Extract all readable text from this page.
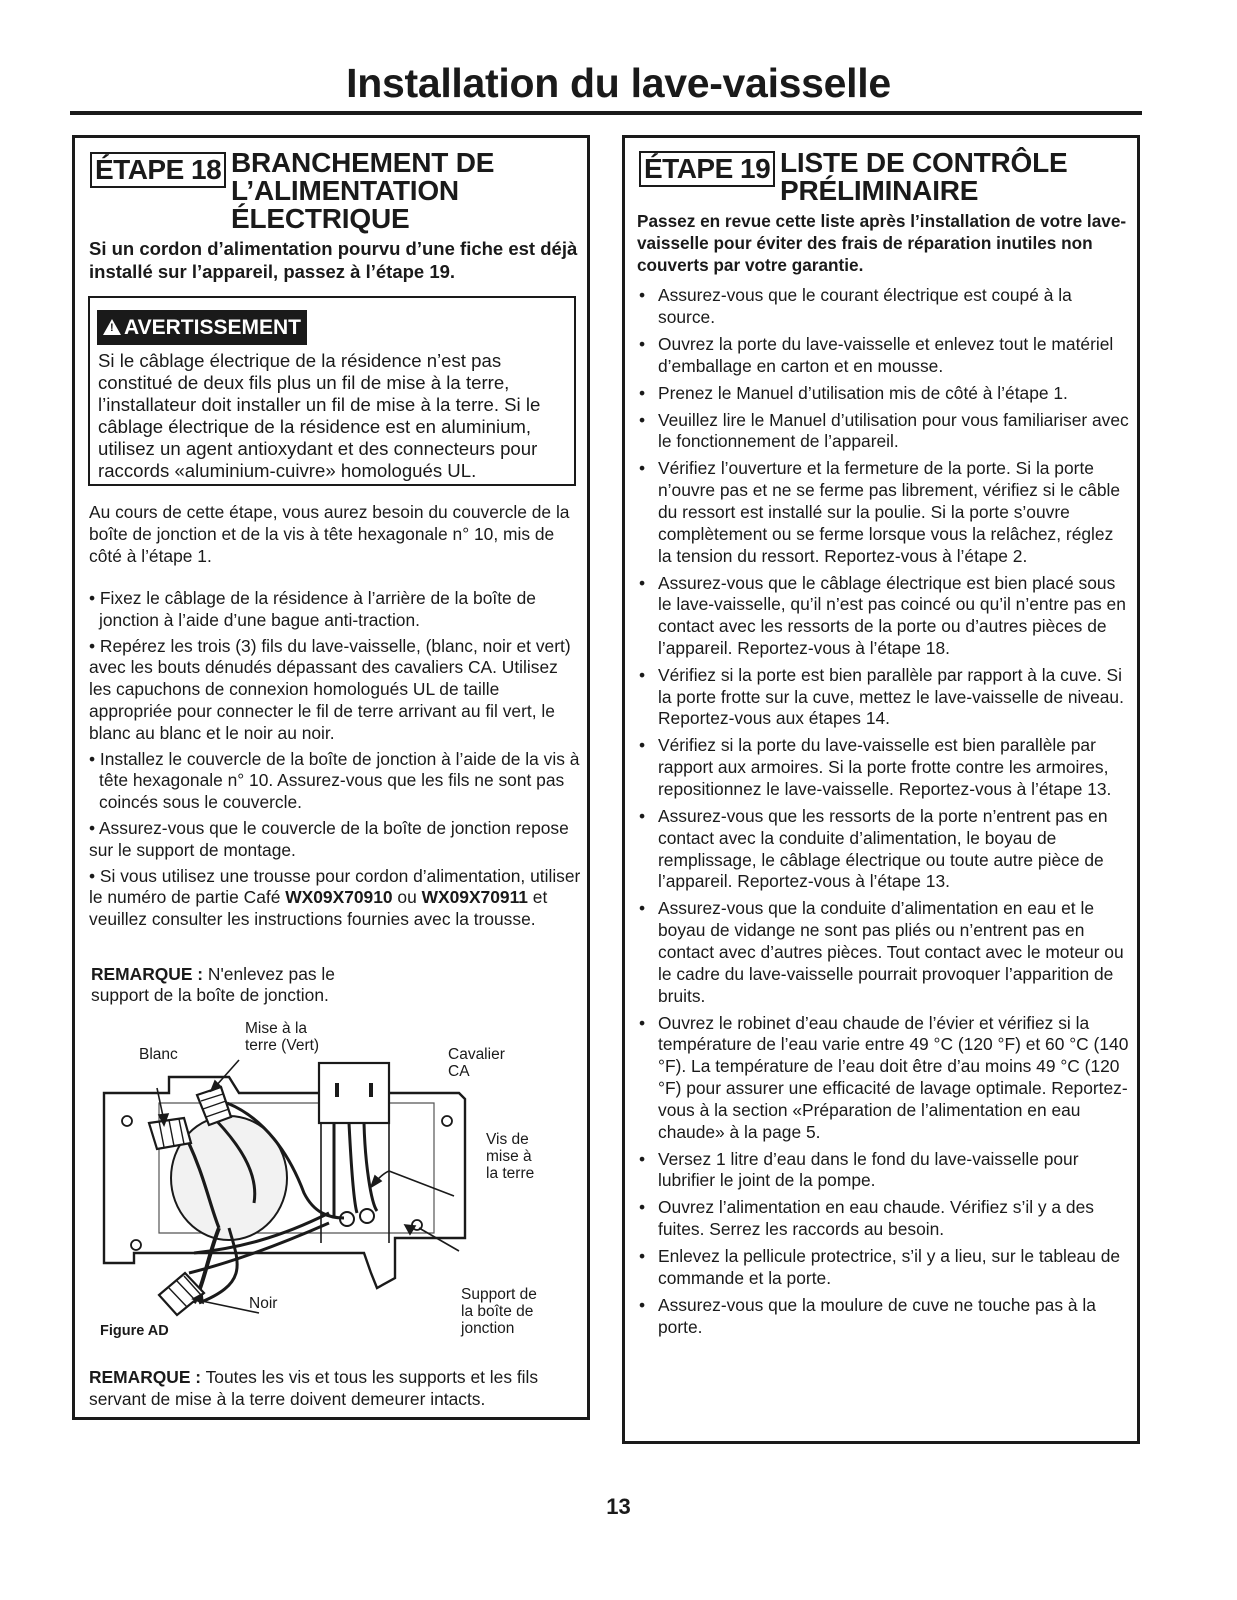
Installation du lave-vaisselle
ÉTAPE 18 BRANCHEMENT DE
L’ALIMENTATION
ÉLECTRIQUE
Si un cordon d’alimentation pourvu d’une fiche est déjà installé sur l’appareil, passez à l’étape 19.
!AVERTISSEMENT
Si le câblage électrique de la résidence n’est pas constitué de deux fils plus un fil de mise à la terre, l’installateur doit installer un fil de mise à la terre. Si le câblage électrique de la résidence est en aluminium, utilisez un agent antioxydant et des connecteurs pour raccords «aluminium-cuivre» homologués UL.
Au cours de cette étape, vous aurez besoin du couvercle de la boîte de jonction et de la vis à tête hexagonale n° 10, mis de côté à l’étape 1.
• Fixez le câblage de la résidence à l’arrière de la boîte de jonction à l’aide d’une bague anti-traction.
• Repérez les trois (3) fils du lave-vaisselle, (blanc, noir et vert) avec les bouts dénudés dépassant des cavaliers CA. Utilisez les capuchons de connexion homologués UL de taille appropriée pour connecter le fil de terre arrivant au fil vert, le blanc au blanc et le noir au noir.
• Installez le couvercle de la boîte de jonction à l’aide de la vis à tête hexagonale n° 10. Assurez-vous que les fils ne sont pas coincés sous le couvercle.
• Assurez-vous que le couvercle de la boîte de jonction repose sur le support de montage.
• Si vous utilisez une trousse pour cordon d’alimentation, utiliser le numéro de partie Café WX09X70910 ou WX09X70911 et veuillez consulter les instructions fournies avec la trousse.
REMARQUE : N'enlevez pas le support de la boîte de jonction.
Blanc
Mise à la
terre (Vert)
Cavalier
CA
Vis de
mise à
la terre
Noir
Support de
la boîte de
jonction
Figure AD
REMARQUE : Toutes les vis et tous les supports et les fils servant de mise à la terre doivent demeurer intacts.
ÉTAPE 19 LISTE DE CONTRÔLE
PRÉLIMINAIRE
Passez en revue cette liste après l’installation de votre lave-vaisselle pour éviter des frais de réparation inutiles non couverts par votre garantie.
• Assurez-vous que le courant électrique est coupé à la source.
• Ouvrez la porte du lave-vaisselle et enlevez tout le matériel d’emballage en carton et en mousse.
• Prenez le Manuel d’utilisation mis de côté à l’étape 1.
• Veuillez lire le Manuel d’utilisation pour vous familiariser avec le fonctionnement de l’appareil.
• Vérifiez l’ouverture et la fermeture de la porte. Si la porte n’ouvre pas et ne se ferme pas librement, vérifiez si le câble du ressort est installé sur la poulie. Si la porte s’ouvre complètement ou se ferme lorsque vous la relâchez, réglez la tension du ressort. Reportez-vous à l’étape 2.
• Assurez-vous que le câblage électrique est bien placé sous le lave-vaisselle, qu’il n’est pas coincé ou qu’il n’entre pas en contact avec les ressorts de la porte ou d’autres pièces de l’appareil. Reportez-vous à l’étape 18.
• Vérifiez si la porte est bien parallèle par rapport à la cuve. Si la porte frotte sur la cuve, mettez le lave-vaisselle de niveau. Reportez-vous aux étapes 14.
• Vérifiez si la porte du lave-vaisselle est bien parallèle par rapport aux armoires. Si la porte frotte contre les armoires, repositionnez le lave-vaisselle. Reportez-vous à l’étape 13.
• Assurez-vous que les ressorts de la porte n’entrent pas en contact avec la conduite d’alimentation, le boyau de remplissage, le câblage électrique ou toute autre pièce de l’appareil. Reportez-vous à l’étape 13.
• Assurez-vous que la conduite d’alimentation en eau et le boyau de vidange ne sont pas pliés ou n’entrent pas en contact avec d’autres pièces. Tout contact avec le moteur ou le cadre du lave-vaisselle pourrait provoquer l’apparition de bruits.
• Ouvrez le robinet d’eau chaude de l’évier et vérifiez si la température de l’eau varie entre 49 °C (120 °F) et 60 °C (140 °F). La température de l’eau doit être d’au moins 49 °C (120 °F) pour assurer une efficacité de lavage optimale. Reportez-vous à la section «Préparation de l’alimentation en eau chaude» à la page 5.
• Versez 1 litre d’eau dans le fond du lave-vaisselle pour lubrifier le joint de la pompe.
• Ouvrez l’alimentation en eau chaude. Vérifiez s’il y a des fuites. Serrez les raccords au besoin.
• Enlevez la pellicule protectrice, s’il y a lieu, sur le tableau de commande et la porte.
• Assurez-vous que la moulure de cuve ne touche pas à la porte.
13
